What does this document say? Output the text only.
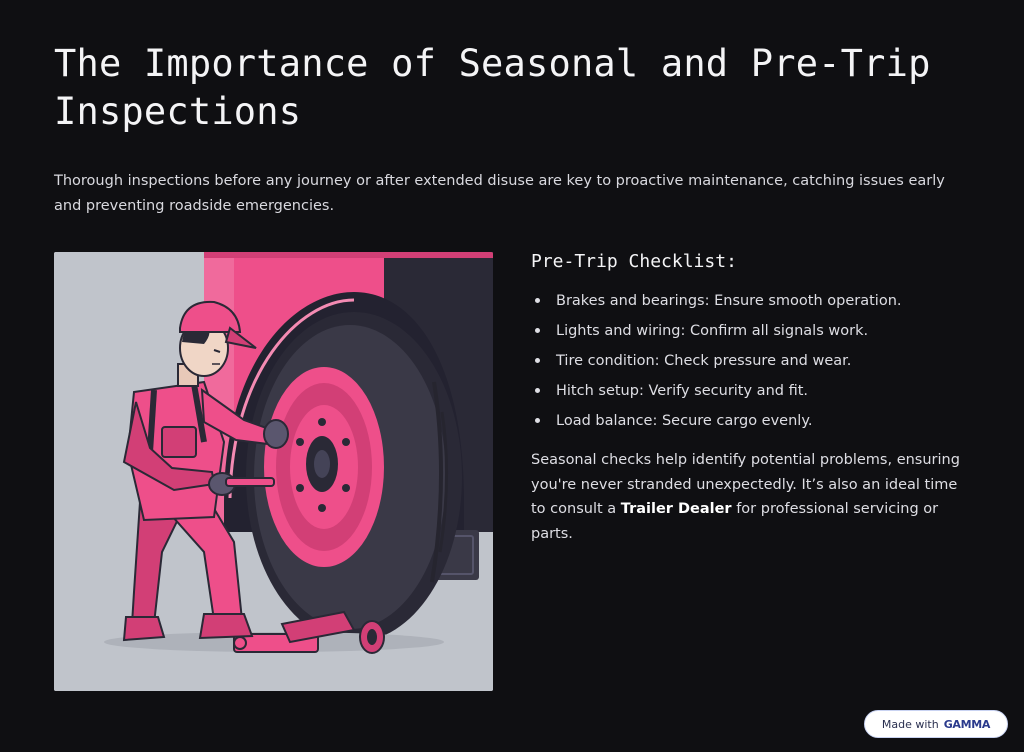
The Importance of Seasonal and Pre-Trip Inspections

Thorough inspections before any journey or after extended disuse are key to proactive maintenance, catching issues early and preventing roadside emergencies.

Pre-Trip Checklist:
Brakes and bearings: Ensure smooth operation.
Lights and wiring: Confirm all signals work.
Tire condition: Check pressure and wear.
Hitch setup: Verify security and fit.
Load balance: Secure cargo evenly.

Seasonal checks help identify potential problems, ensuring you're never stranded unexpectedly. It’s also an ideal time to consult a Trailer Dealer for professional servicing or parts.

Made with GAMMA
